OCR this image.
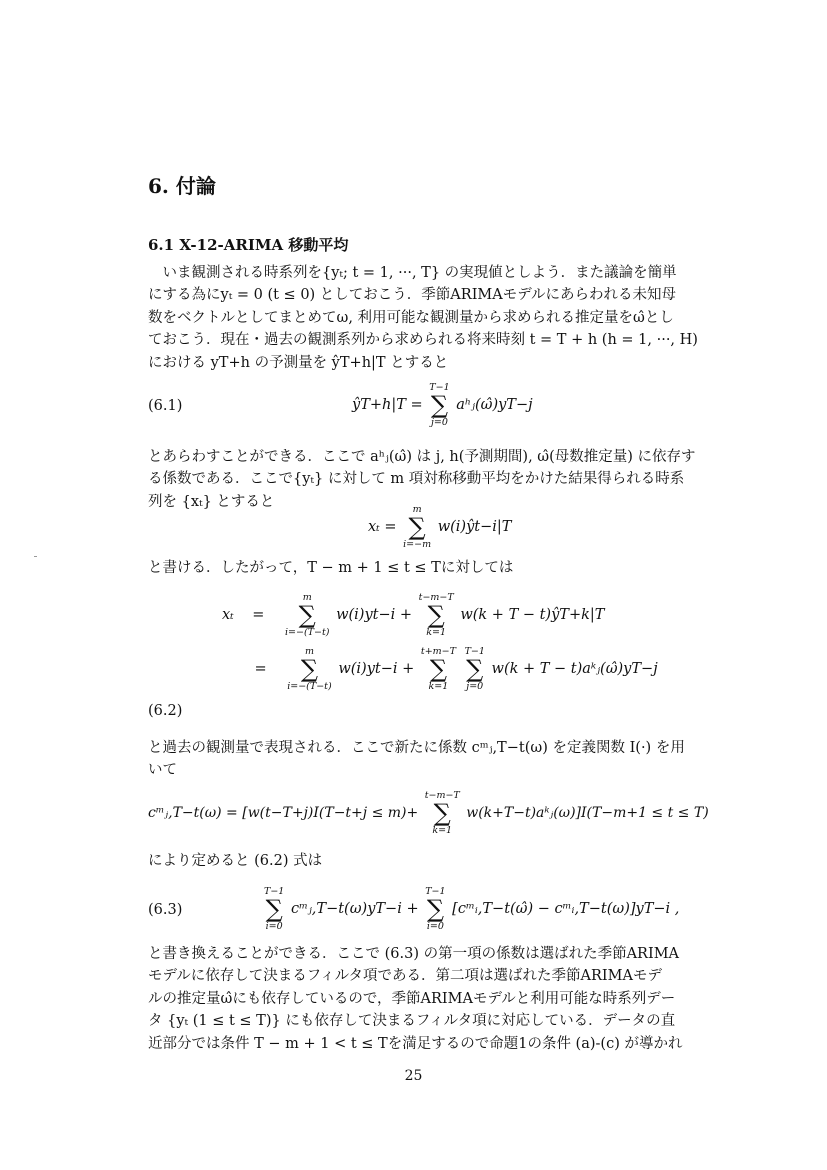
6. 付論
6.1 X-12-ARIMA 移動平均

　いま観測される時系列を{yₜ; t = 1, ···, T} の実現値としよう．また議論を簡単

にする為にyₜ = 0 (t ≤ 0) としておこう．季節ARIMAモデルにあらわれる未知母

数をベクトルとしてまとめてω, 利用可能な観測量から求められる推定量をω̂とし

ておこう．現在・過去の観測系列から求められる将来時刻 t = T + h (h = 1, ···, H)

における yT+h の予測量を ŷT+h|T とすると

(6.1)	ŷT+h|T =
T−1
∑
j=0
aʰⱼ(ω̂)yT−j

とあらわすことができる．ここで aʰⱼ(ω̂) は j, h(予測期間), ω̂(母数推定量) に依存す

る係数である．ここで{yₜ} に対して m 項対称移動平均をかけた結果得られる時系

列を {xₜ} とすると

xₜ =
m
∑
i=−m
w(i)ŷt−i|T

と書ける．したがって，T − m + 1 ≤ t ≤ Tに対しては

xₜ =
m
∑
i=−(T−t)
w(i)yt−i +
t−m−T
∑
k=1
w(k + T − t)ŷT+k|T
=
m
∑
i=−(T−t)
w(i)yt−i +
t+m−T
∑
k=1

T−1
∑
j=0
w(k + T − t)aᵏⱼ(ω̂)yT−j
(6.2)

と過去の観測量で表現される．ここで新たに係数 cᵐⱼ,T−t(ω) を定義関数 I(·) を用

いて

cᵐⱼ,T−t(ω) = [w(t−T+j)I(T−t+j ≤ m)+
t−m−T
∑
k=1
w(k+T−t)aᵏⱼ(ω)]I(T−m+1 ≤ t ≤ T)

により定めると (6.2) 式は

(6.3)
T−1
∑
i=0
cᵐⱼ,T−t(ω)yT−i +
T−1
∑
i=0
[cᵐᵢ,T−t(ω̂) − cᵐᵢ,T−t(ω)]yT−i ,

と書き換えることができる．ここで (6.3) の第一項の係数は選ばれた季節ARIMA

モデルに依存して決まるフィルタ項である．第二項は選ばれた季節ARIMAモデ

ルの推定量ω̂にも依存しているので，季節ARIMAモデルと利用可能な時系列デー

タ {yₜ (1 ≤ t ≤ T)} にも依存して決まるフィルタ項に対応している．データの直

近部分では条件 T − m + 1 < t ≤ Tを満足するので命題1の条件 (a)-(c) が導かれ

25
